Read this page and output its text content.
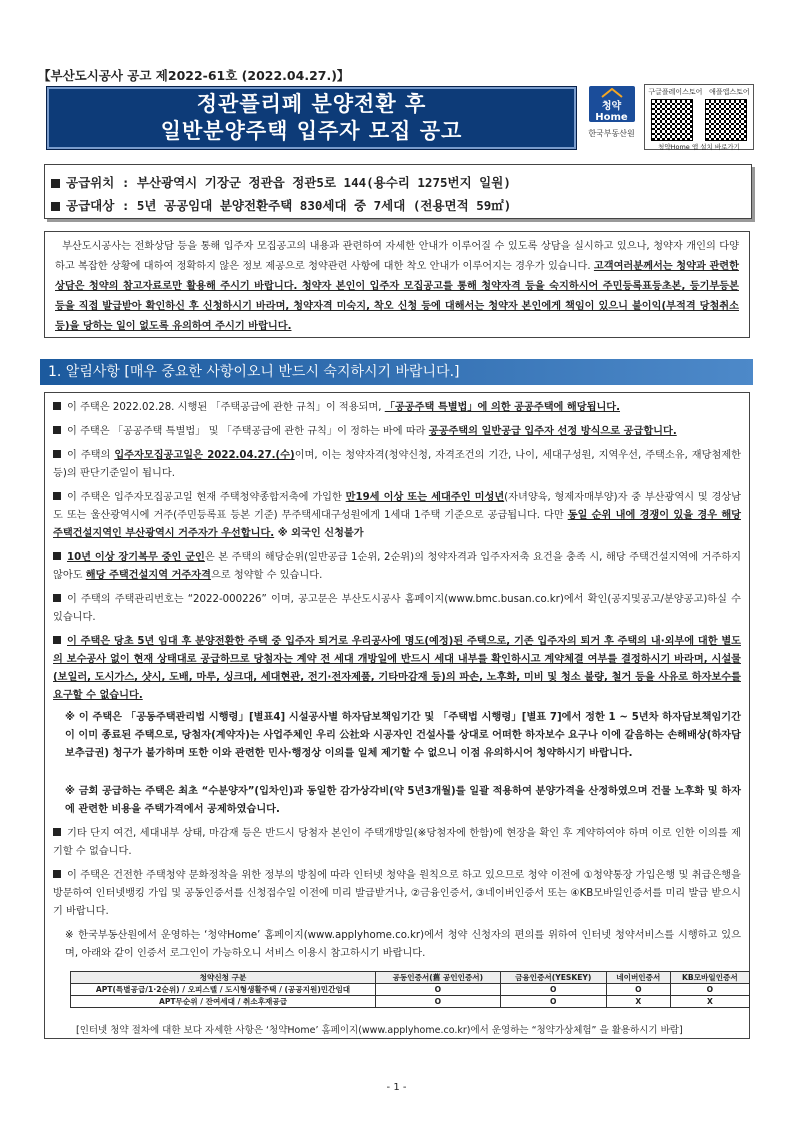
【부산도시공사 공고 제2022-61호 (2022.04.27.)】
정관플리페 분양전환 후
일반분양주택 입주자 모집 공고
청약Home
한국부동산원
구글플레이스토어 애플앱스토어
청약Home 앱 설치 바로가기
공급위치 : 부산광역시 기장군 정관읍 정관5로 144(용수리 1275번지 일원)
공급대상 : 5년 공공임대 분양전환주택 830세대 중 7세대 (전용면적 59㎡)
부산도시공사는 전화상담 등을 통해 입주자 모집공고의 내용과 관련하여 자세한 안내가 이루어질 수 있도록 상담을 실시하고 있으나, 청약자 개인의 다양하고 복잡한 상황에 대하여 정확하지 않은 정보 제공으로 청약관련 사항에 대한 착오 안내가 이루어지는 경우가 있습니다. 고객여러분께서는 청약과 관련한 상담은 청약의 참고자료로만 활용해 주시기 바랍니다. 청약자 본인이 입주자 모집공고를 통해 청약자격 등을 숙지하시어 주민등록표등초본, 등기부등본 등을 직접 발급받아 확인하신 후 신청하시기 바라며, 청약자격 미숙지, 착오 신청 등에 대해서는 청약자 본인에게 책임이 있으니 불이익(부적격 당첨취소 등)을 당하는 일이 없도록 유의하여 주시기 바랍니다.
1. 알림사항 [매우 중요한 사항이오니 반드시 숙지하시기 바랍니다.]
이 주택은 2022.02.28. 시행된 「주택공급에 관한 규칙」이 적용되며, 「공공주택 특별법」에 의한 공공주택에 해당됩니다.
이 주택은 「공공주택 특별법」 및 「주택공급에 관한 규칙」이 정하는 바에 따라 공공주택의 일반공급 입주자 선정 방식으로 공급합니다.
이 주택의 입주자모집공고일은 2022.04.27.(수)이며, 이는 청약자격(청약신청, 자격조건의 기간, 나이, 세대구성원, 지역우선, 주택소유, 재당첨제한 등)의 판단기준일이 됩니다.
이 주택은 입주자모집공고일 현재 주택청약종합저축에 가입한 만19세 이상 또는 세대주인 미성년(자녀양육, 형제자매부양)자 중 부산광역시 및 경상남도 또는 울산광역시에 거주(주민등록표 등본 기준) 무주택세대구성원에게 1세대 1주택 기준으로 공급됩니다. 다만 동일 순위 내에 경쟁이 있을 경우 해당 주택건설지역인 부산광역시 거주자가 우선합니다. ※ 외국인 신청불가
10년 이상 장기복무 중인 군인은 본 주택의 해당순위(일반공급 1순위, 2순위)의 청약자격과 입주자저축 요건을 충족 시, 해당 주택건설지역에 거주하지 않아도 해당 주택건설지역 거주자격으로 청약할 수 있습니다.
이 주택의 주택관리번호는 “2022-000226” 이며, 공고문은 부산도시공사 홈페이지(www.bmc.busan.co.kr)에서 확인(공지및공고/분양공고)하실 수 있습니다.
이 주택은 당초 5년 임대 후 분양전환한 주택 중 입주자 퇴거로 우리공사에 명도(예정)된 주택으로, 기존 입주자의 퇴거 후 주택의 내·외부에 대한 별도의 보수공사 없이 현재 상태대로 공급하므로 당첨자는 계약 전 세대 개방일에 반드시 세대 내부를 확인하시고 계약체결 여부를 결정하시기 바라며, 시설물(보일러, 도시가스, 샷시, 도배, 마루, 싱크대, 세대현관, 전기·전자제품, 기타마감재 등)의 파손, 노후화, 미비 및 청소 불량, 철거 등을 사유로 하자보수를 요구할 수 없습니다.
※ 이 주택은 「공동주택관리법 시행령」[별표4] 시설공사별 하자담보책임기간 및 「주택법 시행령」[별표 7]에서 정한 1 ~ 5년차 하자담보책임기간이 이미 종료된 주택으로, 당첨자(계약자)는 사업주체인 우리 公社와 시공자인 건설사를 상대로 어떠한 하자보수 요구나 이에 갈음하는 손해배상(하자담보추급권) 청구가 불가하며 또한 이와 관련한 민사·행정상 이의를 일체 제기할 수 없으니 이점 유의하시어 청약하시기 바랍니다.
※ 금회 공급하는 주택은 최초 “수분양자”(입차인)과 동일한 감가상각비(약 5년3개월)를 일괄 적용하여 분양가격을 산정하였으며 건물 노후화 및 하자에 관련한 비용을 주택가격에서 공제하였습니다.
기타 단지 여건, 세대내부 상태, 마감재 등은 반드시 당첨자 본인이 주택개방일(※당첨자에 한함)에 현장을 확인 후 계약하여야 하며 이로 인한 이의를 제기할 수 없습니다.
이 주택은 건전한 주택청약 문화정착을 위한 정부의 방침에 따라 인터넷 청약을 원칙으로 하고 있으므로 청약 이전에 ①청약통장 가입은행 및 취급은행을 방문하여 인터넷뱅킹 가입 및 공동인증서를 신청접수일 이전에 미리 발급받거나, ②금융인증서, ③네이버인증서 또는 ④KB모바일인증서를 미리 발급 받으시기 바랍니다.
※ 한국부동산원에서 운영하는 ‘청약Home’ 홈페이지(www.applyhome.co.kr)에서 청약 신청자의 편의를 위하여 인터넷 청약서비스를 시행하고 있으며, 아래와 같이 인증서 로그인이 가능하오니 서비스 이용시 참고하시기 바랍니다.
청약신청 구분	공동인증서(舊 공인인증서)	금융인증서(YESKEY)	네이버인증서	KB모바일인증서
APT(특별공급/1·2순위) / 오피스텔 / 도시형생활주택 / (공공지원)민간임대	O	O	O	O
APT무순위 / 잔여세대 / 취소후재공급	O	O	X	X
[인터넷 청약 절차에 대한 보다 자세한 사항은 ‘청약Home’ 홈페이지(www.applyhome.co.kr)에서 운영하는 “청약가상체험” 을 활용하시기 바람]
- 1 -
